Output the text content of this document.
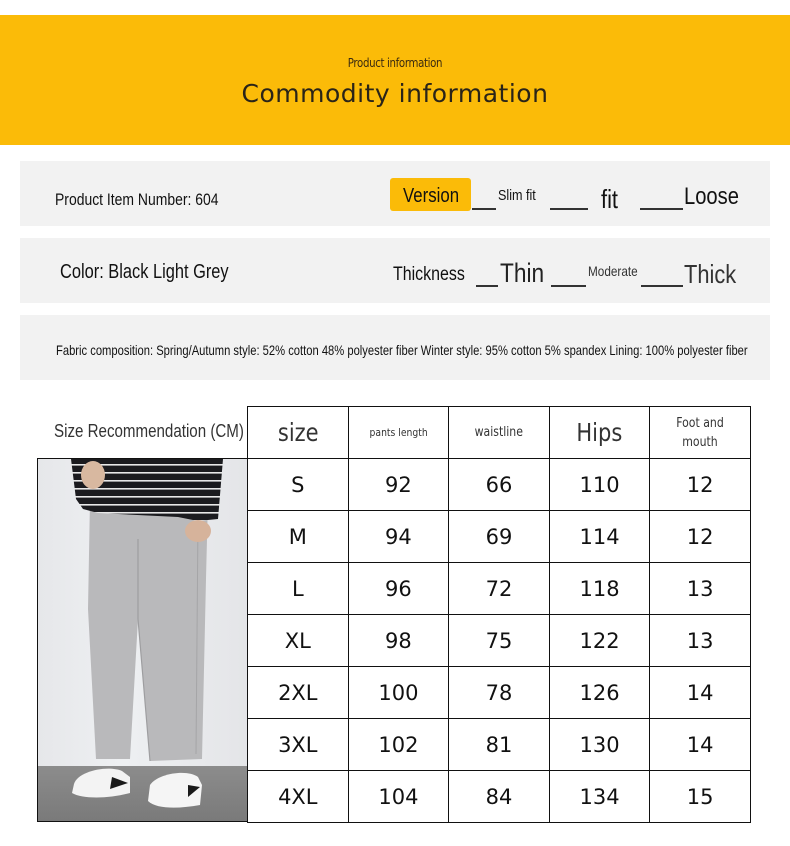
Product information
Commodity information
Product Item Number: 604	Version	Slim fit	fit	Loose
Color: Black Light Grey	Thickness Thin	Moderate Thick
Fabric composition: Spring/Autumn style: 52% cotton 48% polyester fiber Winter style: 95% cotton 5% spandex Lining: 100% polyester fiber
Size Recommendation (CM) size	pants length	waistline	Hips	Foot and mouth
S	92	66	110	12
M	94	69	114	12
L	96	72	118	13
XL	98	75	122	13
2XL	100	78	126	14
3XL	102	81	130	14
4XL	104	84	134	15
